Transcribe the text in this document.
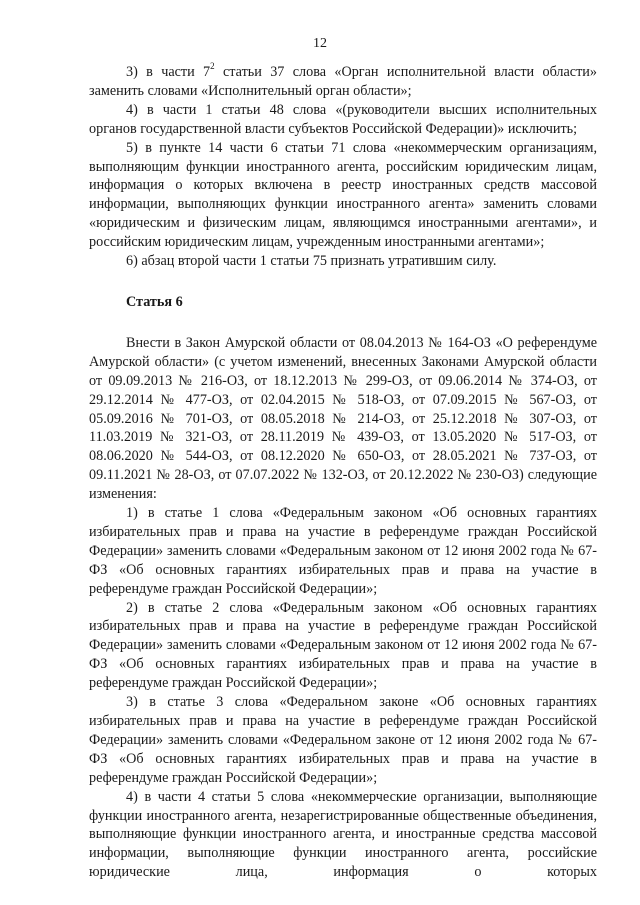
12

3) в части $7^2$ статьи 37 слова «Орган исполнительной власти области» заменить словами «Исполнительный орган области»;

4) в части 1 статьи 48 слова «(руководители высших исполнительных органов государственной власти субъектов Российской Федерации)» исключить;

5) в пункте 14 части 6 статьи 71 слова «некоммерческим организациям, выполняющим функции иностранного агента, российским юридическим лицам, информация о которых включена в реестр иностранных средств массовой информации, выполняющих функции иностранного агента» заменить словами «юридическим и физическим лицам, являющимся иностранными агентами», и российским юридическим лицам, учрежденным иностранными агентами»;

6) абзац второй части 1 статьи 75 признать утратившим силу.

Статья 6

Внести в Закон Амурской области от 08.04.2013 № 164-ОЗ «О референдуме Амурской области» (с учетом изменений, внесенных Законами Амурской области от 09.09.2013 № 216-ОЗ, от 18.12.2013 № 299-ОЗ, от 09.06.2014 № 374-ОЗ, от 29.12.2014 № 477-ОЗ, от 02.04.2015 № 518-ОЗ, от 07.09.2015 № 567-ОЗ, от 05.09.2016 № 701-ОЗ, от 08.05.2018 № 214-ОЗ, от 25.12.2018 № 307-ОЗ, от 11.03.2019 № 321-ОЗ, от 28.11.2019 № 439-ОЗ, от 13.05.2020 № 517-ОЗ, от 08.06.2020 № 544-ОЗ, от 08.12.2020 № 650-ОЗ, от 28.05.2021 № 737-ОЗ, от 09.11.2021 № 28-ОЗ, от 07.07.2022 № 132-ОЗ, от 20.12.2022 № 230-ОЗ) следующие изменения:

1) в статье 1 слова «Федеральным законом «Об основных гарантиях избирательных прав и права на участие в референдуме граждан Российской Федерации» заменить словами «Федеральным законом от 12 июня 2002 года № 67-ФЗ «Об основных гарантиях избирательных прав и права на участие в референдуме граждан Российской Федерации»;

2) в статье 2 слова «Федеральным законом «Об основных гарантиях избирательных прав и права на участие в референдуме граждан Российской Федерации» заменить словами «Федеральным законом от 12 июня 2002 года № 67-ФЗ «Об основных гарантиях избирательных прав и права на участие в референдуме граждан Российской Федерации»;

3) в статье 3 слова «Федеральном законе «Об основных гарантиях избирательных прав и права на участие в референдуме граждан Российской Федерации» заменить словами «Федеральном законе от 12 июня 2002 года № 67-ФЗ «Об основных гарантиях избирательных прав и права на участие в референдуме граждан Российской Федерации»;

4) в части 4 статьи 5 слова «некоммерческие организации, выполняющие функции иностранного агента, незарегистрированные общественные объединения, выполняющие функции иностранного агента, и иностранные средства массовой информации, выполняющие функции иностранного агента, российские юридические лица, информация о которых
